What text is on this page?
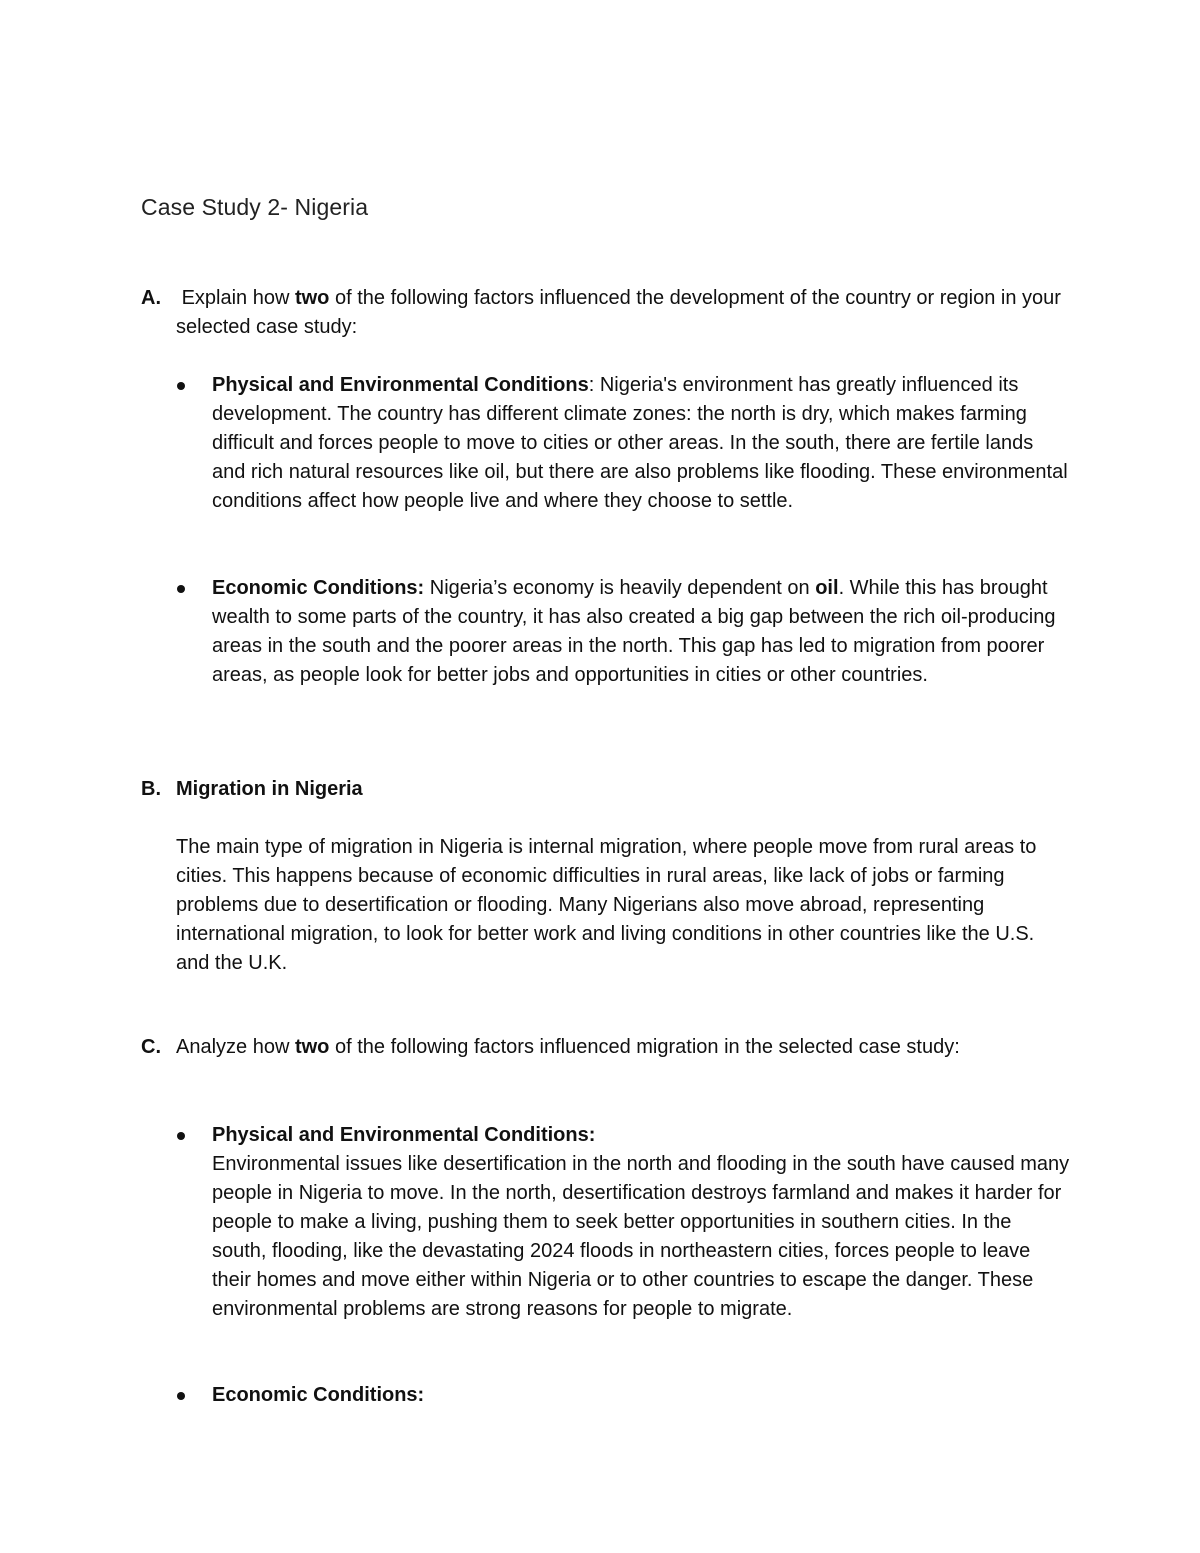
Case Study 2- Nigeria
A. Explain how two of the following factors influenced the development of the country or region in your selected case study:
Physical and Environmental Conditions: Nigeria's environment has greatly influenced its development. The country has different climate zones: the north is dry, which makes farming difficult and forces people to move to cities or other areas. In the south, there are fertile lands and rich natural resources like oil, but there are also problems like flooding. These environmental conditions affect how people live and where they choose to settle.
Economic Conditions: Nigeria’s economy is heavily dependent on oil. While this has brought wealth to some parts of the country, it has also created a big gap between the rich oil-producing areas in the south and the poorer areas in the north. This gap has led to migration from poorer areas, as people look for better jobs and opportunities in cities or other countries.
B. Migration in Nigeria
The main type of migration in Nigeria is internal migration, where people move from rural areas to cities. This happens because of economic difficulties in rural areas, like lack of jobs or farming problems due to desertification or flooding. Many Nigerians also move abroad, representing international migration, to look for better work and living conditions in other countries like the U.S. and the U.K.
C. Analyze how two of the following factors influenced migration in the selected case study:
Physical and Environmental Conditions:
Environmental issues like desertification in the north and flooding in the south have caused many people in Nigeria to move. In the north, desertification destroys farmland and makes it harder for people to make a living, pushing them to seek better opportunities in southern cities. In the south, flooding, like the devastating 2024 floods in northeastern cities, forces people to leave their homes and move either within Nigeria or to other countries to escape the danger. These environmental problems are strong reasons for people to migrate.
Economic Conditions:
